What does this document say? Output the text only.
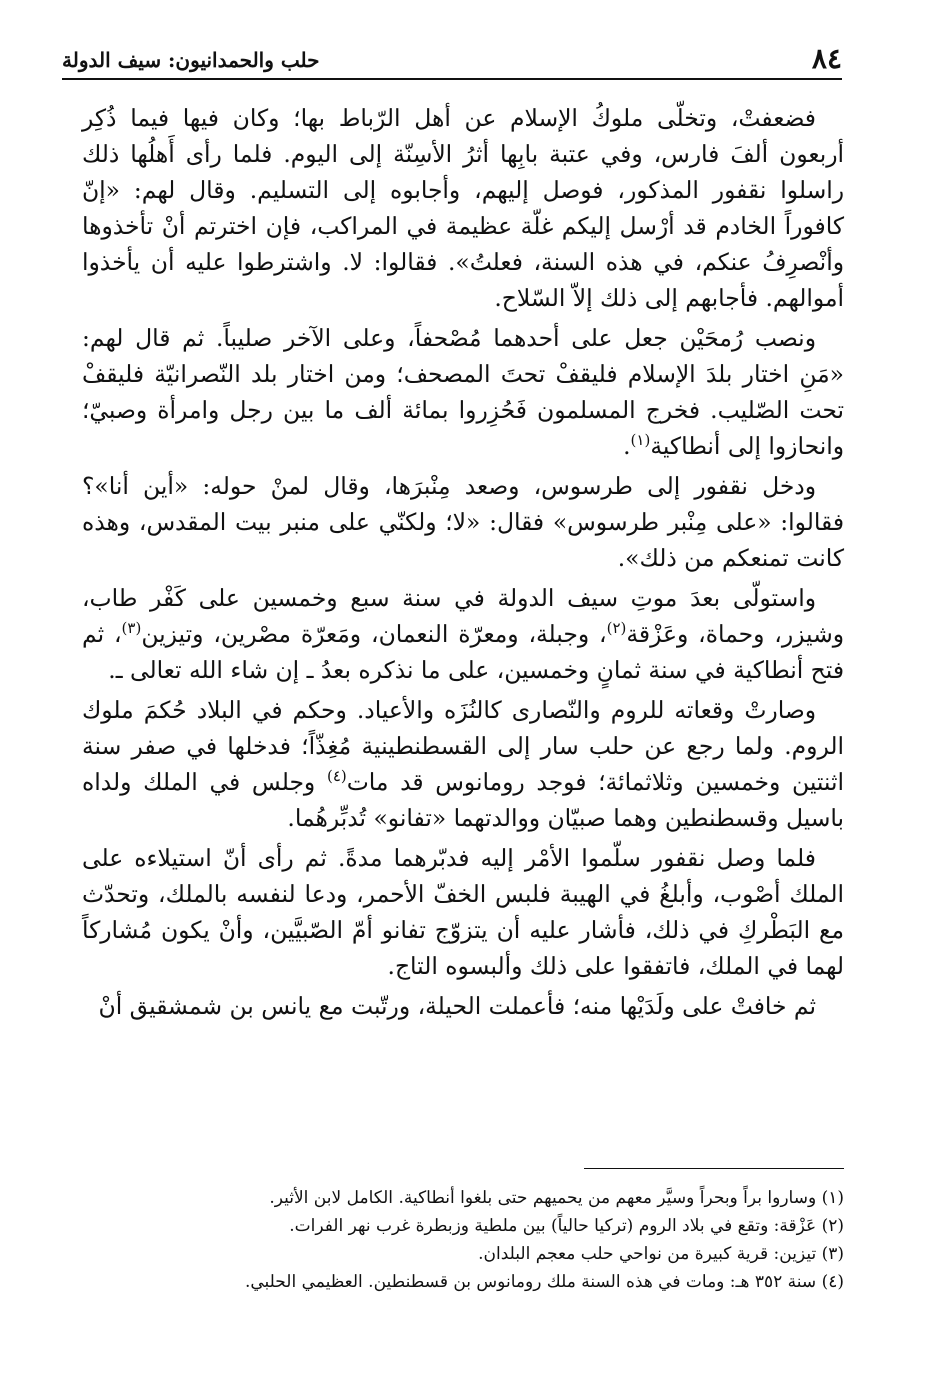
٨٤
حلب والحمدانيون: سيف الدولة

فضعفتْ، وتخلّى ملوكُ الإسلام عن أهل الرّباط بها؛ وكان فيها فيما ذُكِر أربعون ألفَ فارس، وفي عتبة بابِها أثرُ الأسِنّة إلى اليوم. فلما رأى أَهلُها ذلك راسلوا نقفور المذكور، فوصل إليهم، وأجابوه إلى التسليم. وقال لهم: «إنّ كافوراً الخادم قد أرْسل إليكم غلّة عظيمة في المراكب، فإن اخترتم أنْ تأخذوها وأنْصرِفُ عنكم، في هذه السنة، فعلتُ». فقالوا: لا. واشترطوا عليه أن يأخذوا أموالهم. فأجابهم إلى ذلك إلاّ السّلاح.

ونصب رُمحَيْن جعل على أحدهما مُصْحفاً، وعلى الآخر صليباً. ثم قال لهم: «مَنِ اختار بلدَ الإسلام فليقفْ تحتَ المصحف؛ ومن اختار بلد النّصرانيّة فليقفْ تحت الصّليب. فخرج المسلمون فَحُزِروا بمائة ألف ما بين رجل وامرأة وصبيّ؛ وانحازوا إلى أنطاكية$^{(١)}$.

ودخل نقفور إلى طرسوس، وصعد مِنْبرَها، وقال لمنْ حوله: «أين أنا»؟ فقالوا: «على مِنْبر طرسوس» فقال: «لا؛ ولكنّي على منبر بيت المقدس، وهذه كانت تمنعكم من ذلك».

واستولّى بعدَ موتِ سيف الدولة في سنة سبع وخمسين على كَفْر طاب، وشيزر، وحماة، وعَزْقة$^{(٢)}$، وجبلة، ومعرّة النعمان، ومَعرّة مصْرين، وتيزين$^{(٣)}$، ثم فتح أنطاكية في سنة ثمانٍ وخمسين، على ما نذكره بعدُ ـ إن شاء الله تعالى ـ.

وصارتْ وقعاته للروم والنّصارى كالنُزَه والأعياد. وحكم في البلاد حُكمَ ملوك الروم. ولما رجع عن حلب سار إلى القسطنطينية مُغِذّاً؛ فدخلها في صفر سنة اثنتين وخمسين وثلاثمائة؛ فوجد رومانوس قد مات$^{(٤)}$ وجلس في الملك ولداه باسيل وقسطنطين وهما صبيّان ووالدتهما «تفانو» تُدبِّرهُما.

فلما وصل نقفور سلّموا الأمْر إليه فدبّرهما مدةً. ثم رأى أنّ استيلاءه على الملك أصْوب، وأبلغُ في الهيبة فلبس الخفّ الأحمر، ودعا لنفسه بالملك، وتحدّث مع البَطْركِ في ذلك، فأشار عليه أن يتزوّج تفانو أمّ الصّبيَّين، وأنْ يكون مُشاركاً لهما في الملك، فاتفقوا على ذلك وألبسوه التاج.

ثم خافتْ على ولَدَيْها منه؛ فأعملت الحيلة، ورتّبت مع يانس بن شمشقيق أنْ

(١) وساروا براً وبحراً وسيَّر معهم من يحميهم حتى بلغوا أنطاكية. الكامل لابن الأثير.
(٢) عَزْقة: وتقع في بلاد الروم (تركيا حالياً) بين ملطية وزبطرة غرب نهر الفرات.
(٣) تيزين: قرية كبيرة من نواحي حلب معجم البلدان.
(٤) سنة ٣٥٢ هـ: ومات في هذه السنة ملك رومانوس بن قسطنطين. العظيمي الحلبي.
